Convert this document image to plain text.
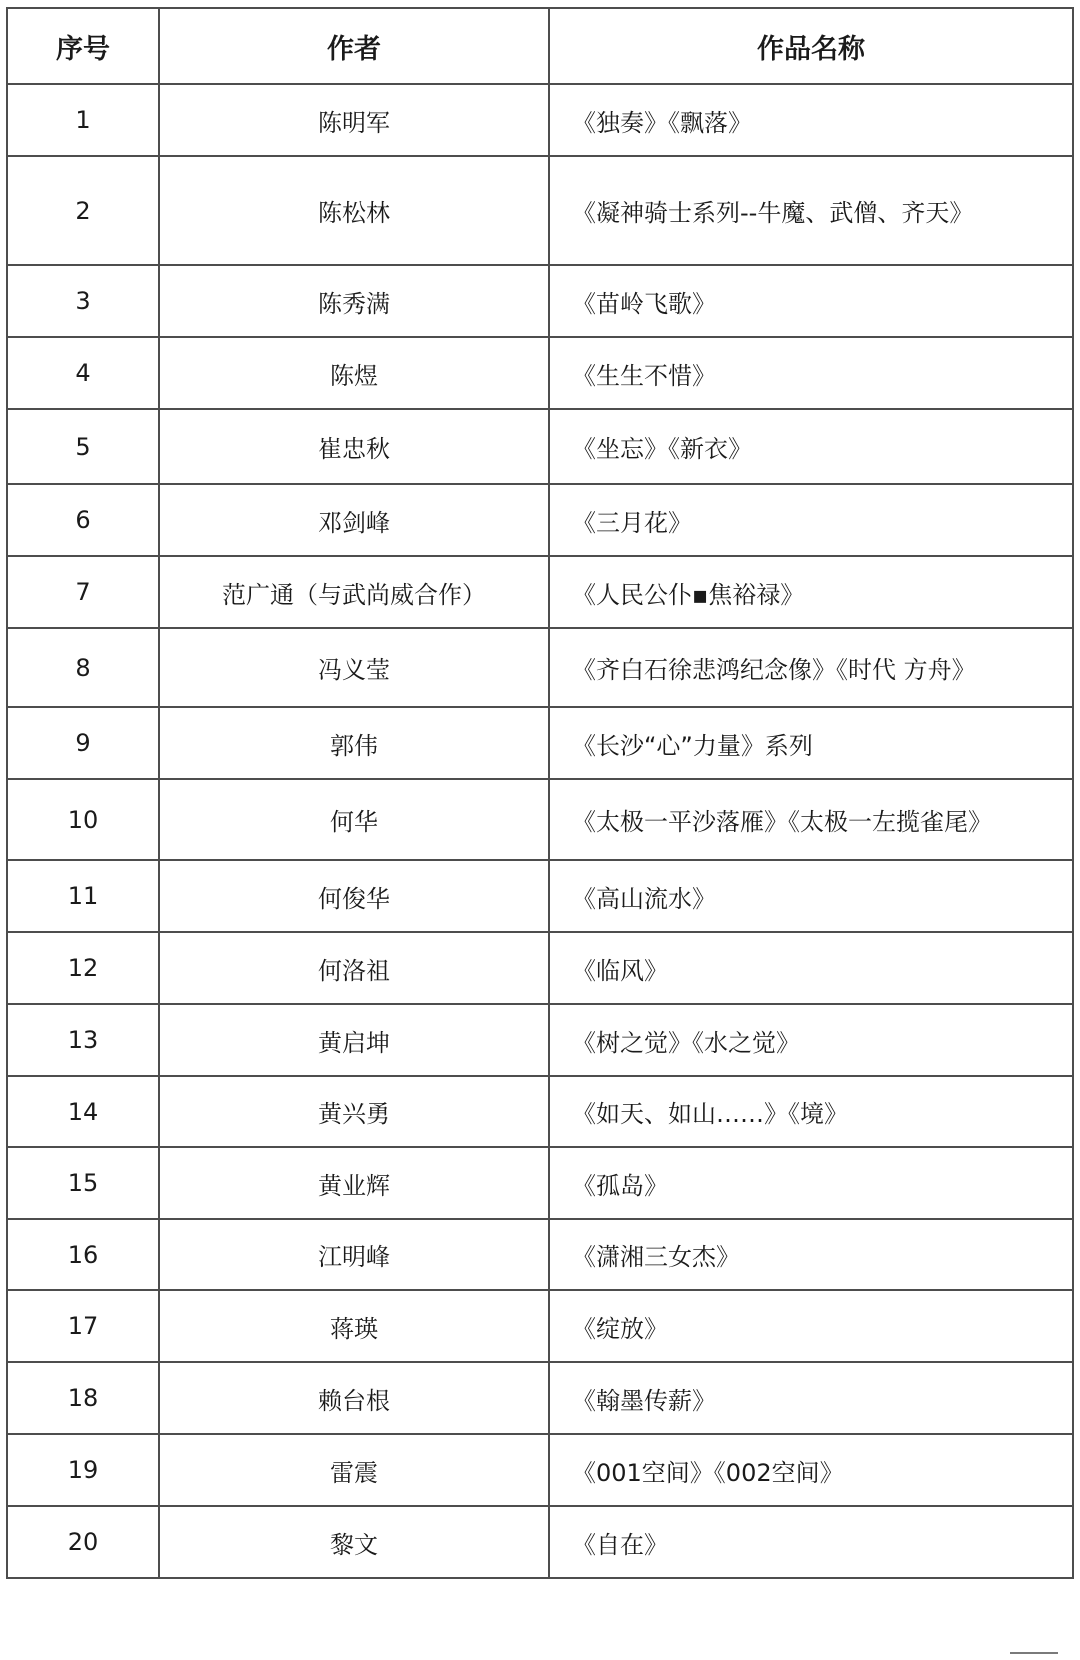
序号	作者	作品名称
1	陈明军	《独奏》《飘落》
2	陈松林	《凝神骑士系列--牛魔、武僧、齐天》
3	陈秀满	《苗岭飞歌》
4	陈煜	《生生不惜》
5	崔忠秋	《坐忘》《新衣》
6	邓剑峰	《三月花》
7	范广通（与武尚威合作）	《人民公仆▪焦裕禄》
8	冯义莹	《齐白石徐悲鸿纪念像》《时代 方舟》
9	郭伟	《长沙“心”力量》系列
10	何华	《太极一平沙落雁》《太极一左揽雀尾》
11	何俊华	《高山流水》
12	何洛祖	《临风》
13	黄启坤	《树之觉》《水之觉》
14	黄兴勇	《如天、如山……》《境》
15	黄业辉	《孤岛》
16	江明峰	《潇湘三女杰》
17	蒋瑛	《绽放》
18	赖台根	《翰墨传薪》
19	雷震	《001空间》《002空间》
20	黎文	《自在》
